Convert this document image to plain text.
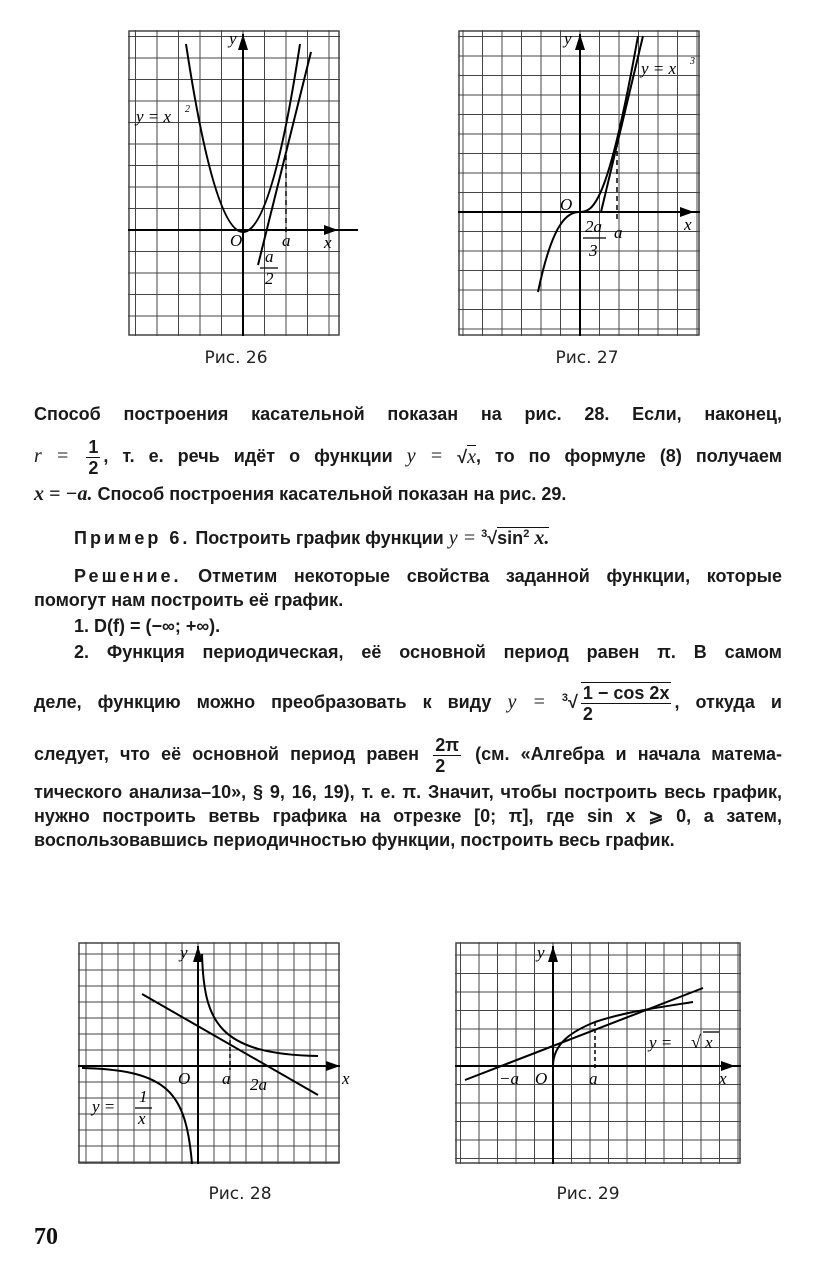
y
x
O a
y = x 2
a
2
Рис. 26
y
x
O
a
y = x 3
2a
3
Рис. 27

Способ построения касательной показан на рис. 28. Если, наконец,

$r = \frac{1}{2}$ , т. е. речь идёт о функции y = √x, то по формуле (8) получаем

x = −a. Способ построения касательной показан на рис. 29.

Пример 6. Построить график функции $y = ^3√\sin^2$ x.

Решение. Отметим некоторые свойства заданной функции, которые помогут нам построить её график.

1. D(f) = (−∞; +∞).

2. Функция периодическая, её основной период равен π. В самом

деле, функцию можно преобразовать к виду $y = ^3√ \frac{1 - \cos 2x}{2}$ , откуда и

следует, что её основной период равен $\frac{2\pi}{2} (см$. «Алгебра и начала матема-

тического анализа–10», § 9, 16, 19), т. е. π. Значит, чтобы построить весь график, нужно построить ветвь графика на отрезке [0; π], где sin x ⩾ 0, а затем, воспользовавшись периодичностью функции, построить весь график.

y
x
O a 2a
y =
1
x
Рис. 28
y
x
O a
−a
y = √ x
Рис. 29
70
